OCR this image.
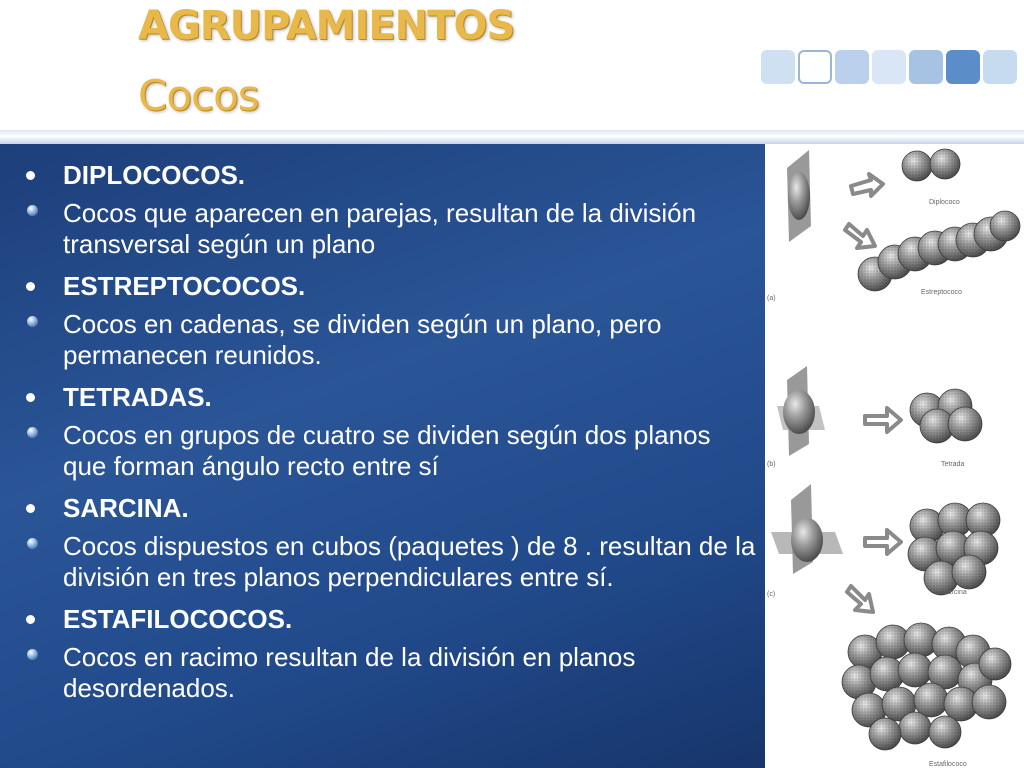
AGRUPAMIENTOS
Cocos
DIPLOCOCOS.
Cocos que aparecen en parejas, resultan de la división transversal según un plano
ESTREPTOCOCOS.
Cocos en cadenas, se dividen según un plano, pero permanecen reunidos.
TETRADAS.
Cocos en grupos de cuatro se dividen según dos planos que forman ángulo recto entre sí
SARCINA.
Cocos dispuestos en cubos (paquetes ) de 8 . resultan de la división en tres planos perpendiculares entre sí.
ESTAFILOCOCOS.
Cocos en racimo resultan de la división en planos desordenados.
Diplococo
Estreptococo
Tetrada
Sarcina
Estafilococo
(a)
(b)
(c)
